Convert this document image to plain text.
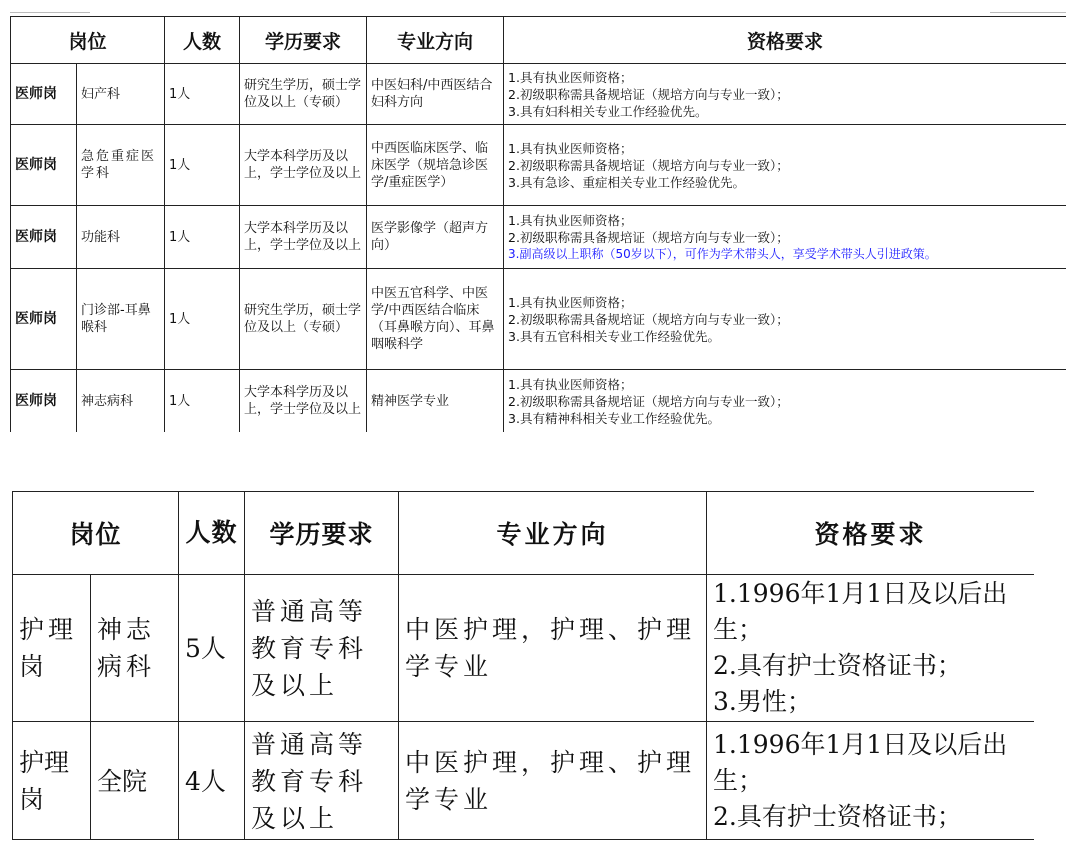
岗位		人数	学历要求	专业方向	资格要求
医师岗	妇产科	1人	研究生学历，硕士学位及以上（专硕）	中医妇科/中西医结合妇科方向	1.具有执业医师资格；
2.初级职称需具备规培证（规培方向与专业一致）；
3.具有妇科相关专业工作经验优先。

医师岗	急危重症医学科	1人	大学本科学历及以上，学士学位及以上	中西医临床医学、临床医学（规培急诊医学/重症医学）	1.具有执业医师资格；
2.初级职称需具备规培证（规培方向与专业一致）；
3.具有急诊、重症相关专业工作经验优先。

医师岗	功能科	1人	大学本科学历及以上，学士学位及以上	医学影像学（超声方向）	1.具有执业医师资格；
2.初级职称需具备规培证（规培方向与专业一致）；
3.副高级以上职称（50岁以下），可作为学术带头人，享受学术带头人引进政策。

医师岗	门诊部-耳鼻喉科	1人	研究生学历，硕士学位及以上（专硕）	中医五官科学、中医学/中西医结合临床（耳鼻喉方向）、耳鼻咽喉科学	1.具有执业医师资格；
2.初级职称需具备规培证（规培方向与专业一致）；
3.具有五官科相关专业工作经验优先。

医师岗	神志病科	1人	大学本科学历及以上，学士学位及以上	精神医学专业	1.具有执业医师资格；
2.初级职称需具备规培证（规培方向与专业一致）；
3.具有精神科相关专业工作经验优先。
岗位		人数	学历要求	专业方向	资格要求
护理岗	神志病科	5人	普通高等教育专科及以上	中医护理，护理、护理学专业	1.1996年1月1日及以后出生；
2.具有护士资格证书；
3.男性；

护理岗	全院	4人	普通高等教育专科及以上	中医护理，护理、护理学专业	1.1996年1月1日及以后出生；
2.具有护士资格证书；
